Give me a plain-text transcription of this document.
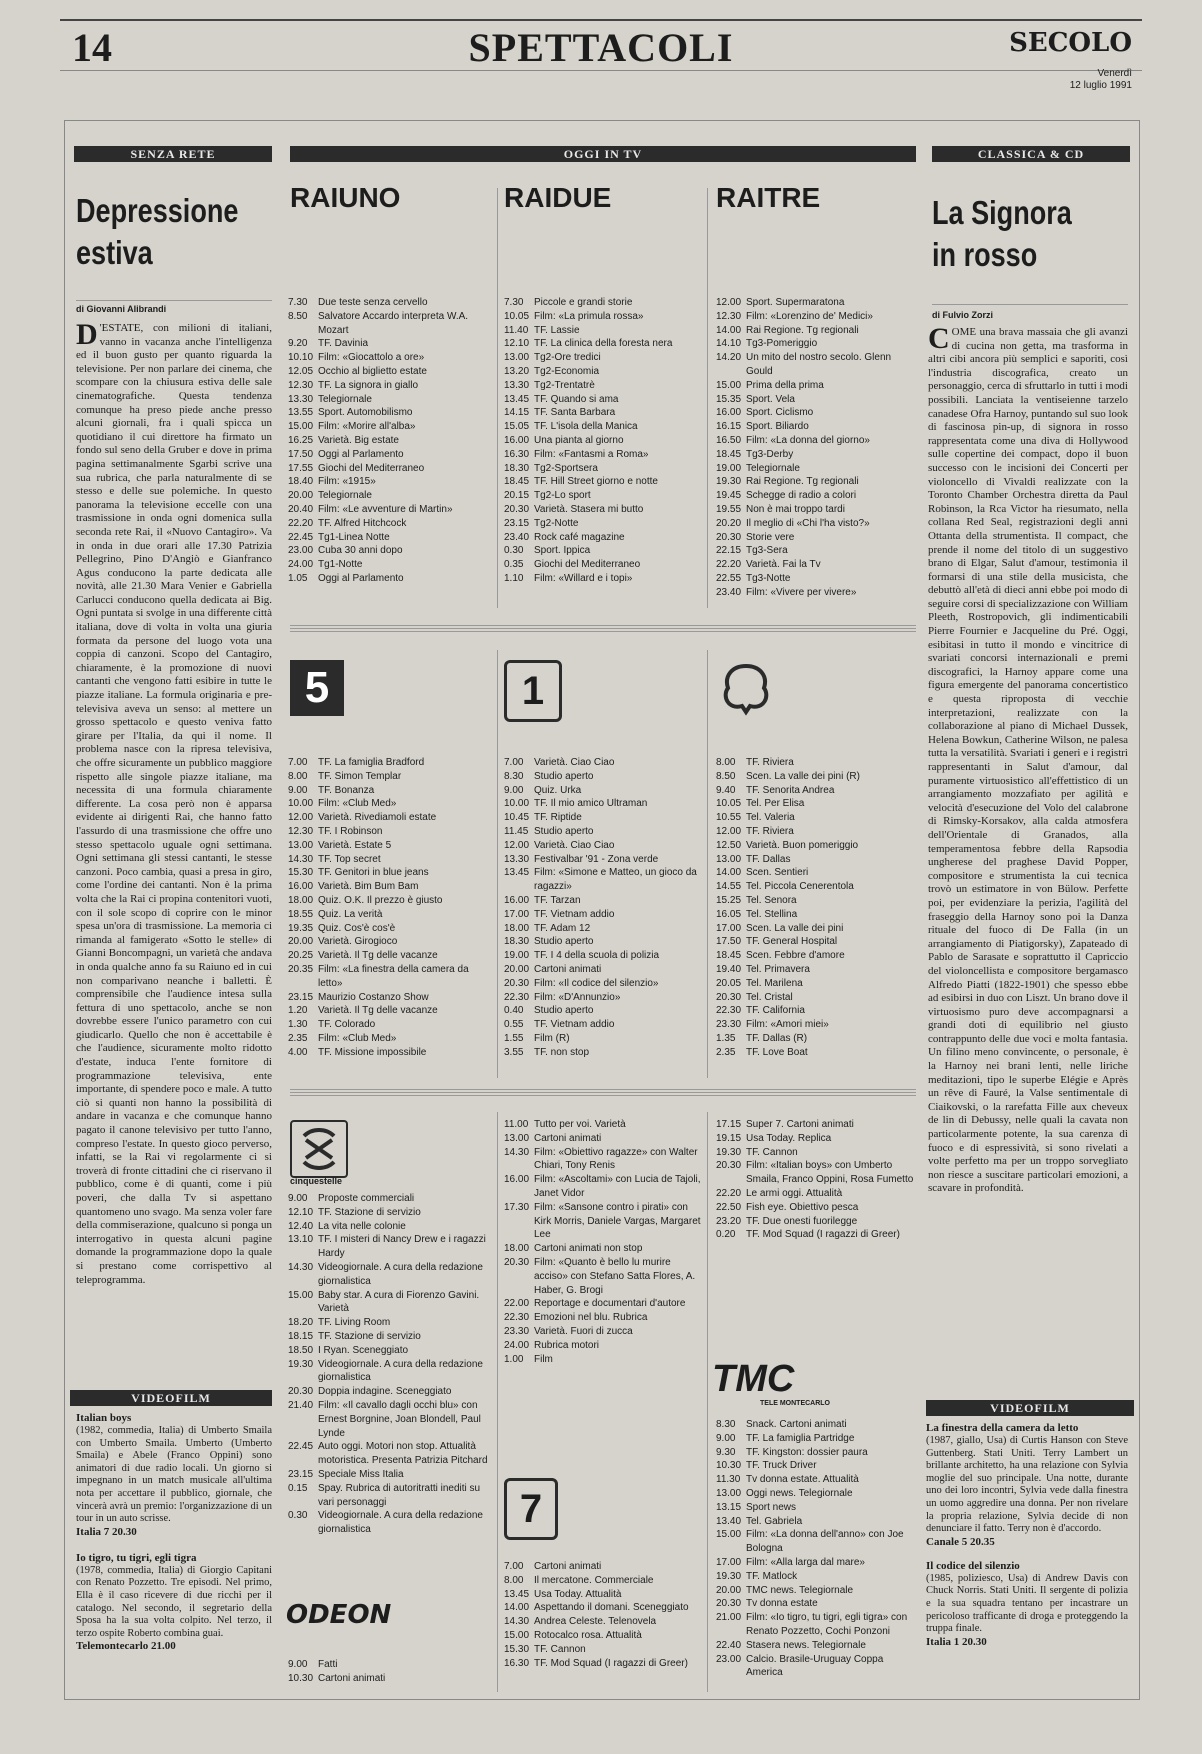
14	SPETTACOLI	SECOLO
Venerdì
12 luglio 1991
SENZA RETE
Depressione
estiva
di Giovanni Alibrandi
D 'ESTATE, con milioni di italiani, vanno in vacanza anche l'intelligenza ed il buon gusto per quanto riguarda la televisione. Per non parlare dei cinema, che scompare con la chiusura estiva delle sale cinematografiche. Questa tendenza comunque ha preso piede anche presso alcuni giornali, fra i quali spicca un quotidiano il cui direttore ha firmato un fondo sul seno della Gruber e dove in prima pagina settimanalmente Sgarbi scrive una sua rubrica, che parla naturalmente di se stesso e delle sue polemiche. In questo panorama la televisione eccelle con una trasmissione in onda ogni domenica sulla seconda rete Rai, il «Nuovo Cantagiro». Va in onda in due orari alle 17.30 Patrizia Pellegrino, Pino D'Angiò e Gianfranco Agus conducono la parte dedicata alle novità, alle 21.30 Mara Venier e Gabriella Carlucci conducono quella dedicata ai Big. Ogni puntata si svolge in una differente città italiana, dove di volta in volta una giuria formata da persone del luogo vota una coppia di canzoni. Scopo del Cantagiro, chiaramente, è la promozione di nuovi cantanti che vengono fatti esibire in tutte le piazze italiane. La formula originaria e pre-televisiva aveva un senso: al mettere un grosso spettacolo e questo veniva fatto girare per l'Italia, da qui il nome. Il problema nasce con la ripresa televisiva, che offre sicuramente un pubblico maggiore rispetto alle singole piazze italiane, ma necessita di una formula chiaramente differente. La cosa però non è apparsa evidente ai dirigenti Rai, che hanno fatto l'assurdo di una trasmissione che offre uno stesso spettacolo uguale ogni settimana. Ogni settimana gli stessi cantanti, le stesse canzoni. Poco cambia, quasi a presa in giro, come l'ordine dei cantanti. Non è la prima volta che la Rai ci propina contenitori vuoti, con il sole scopo di coprire con le minor spesa un'ora di trasmissione. La memoria ci rimanda al famigerato «Sotto le stelle» di Gianni Boncompagni, un varietà che andava in onda qualche anno fa su Raiuno ed in cui non comparivano neanche i balletti. È comprensibile che l'audience intesa sulla fettura di uno spettacolo, anche se non dovrebbe essere l'unico parametro con cui giudicarlo. Quello che non è accettabile è che l'audience, sicuramente molto ridotto d'estate, induca l'ente fornitore di programmazione televisiva, ente importante, di spendere poco e male. A tutto ciò si quanti non hanno la possibilità di andare in vacanza e che comunque hanno pagato il canone televisivo per tutto l'anno, compreso l'estate. In questo gioco perverso, infatti, se la Rai vi regolarmente ci si troverà di fronte cittadini che ci riservano il pubblico, come è di quanti, come i più poveri, che dalla Tv si aspettano quantomeno uno svago. Ma senza voler fare della commiserazione, qualcuno si ponga un interrogativo in questa alcuni pagine domande la programmazione dopo la quale si prestano come corrispettivo al teleprogramma.
VIDEOFILM
Italian boys
(1982, commedia, Italia) di Umberto Smaila con Umberto Smaila. Umberto (Umberto Smaila) e Abele (Franco Oppini) sono animatori di due radio locali. Un giorno si impegnano in un match musicale all'ultima nota per accettare il pubblico, giornale, che vincerà avrà un premio: l'organizzazione di un tour in un auto scrisse.
Italia 7 20.30
Io tigro, tu tigri, egli tigra
(1978, commedia, Italia) di Giorgio Capitani con Renato Pozzetto. Tre episodi. Nel primo, Ella è il caso ricevere di due ricchi per il catalogo. Nel secondo, il segretario della Sposa ha la sua volta colpito. Nel terzo, il terzo ospite Roberto combina guai.
Telemontecarlo 21.00
OGGI IN TV
RAIUNO	RAIDUE	RAITRE
7.30	Due teste senza cervello
8.50	Salvatore Accardo interpreta W.A. Mozart
9.20	TF. Davinia
10.10 Film: «Giocattolo a ore»
12.05 Occhio al biglietto estate
12.30 TF. La signora in giallo
13.30 Telegiornale
13.55 Sport. Automobilismo
15.00 Film: «Morire all'alba»
16.25 Varietà. Big estate
17.50 Oggi al Parlamento
17.55 Giochi del Mediterraneo
18.40 Film: «1915»
20.00 Telegiornale
20.40 Film: «Le avventure di Martin»
22.20 TF. Alfred Hitchcock
22.45 Tg1-Linea Notte
23.00 Cuba 30 anni dopo
24.00 Tg1-Notte
1.05	Oggi al Parlamento
7.30	Piccole e grandi storie
10.05 Film: «La primula rossa»
11.40 TF. Lassie
12.10 TF. La clinica della foresta nera
13.00 Tg2-Ore tredici
13.20 Tg2-Economia
13.30 Tg2-Trentatrè
13.45 TF. Quando si ama
14.15 TF. Santa Barbara
15.05 TF. L'isola della Manica
16.00 Una pianta al giorno
16.30 Film: «Fantasmi a Roma»
18.30 Tg2-Sportsera
18.45 TF. Hill Street giorno e notte
20.15 Tg2-Lo sport
20.30 Varietà. Stasera mi butto
23.15 Tg2-Notte
23.40 Rock café magazine
0.30	Sport. Ippica
0.35	Giochi del Mediterraneo
1.10	Film: «Willard e i topi»
12.00 Sport. Supermaratona
12.30 Film: «Lorenzino de' Medici»
14.00 Rai Regione. Tg regionali
14.10 Tg3-Pomeriggio
14.20 Un mito del nostro secolo. Glenn Gould
15.00 Prima della prima
15.35 Sport. Vela
16.00 Sport. Ciclismo
16.15 Sport. Biliardo
16.50 Film: «La donna del giorno»
18.45 Tg3-Derby
19.00 Telegiornale
19.30 Rai Regione. Tg regionali
19.45 Schegge di radio a colori
19.55 Non è mai troppo tardi
20.20 Il meglio di «Chi l'ha visto?»
20.30 Storie vere
22.15 Tg3-Sera
22.20 Varietà. Fai la Tv
22.55 Tg3-Notte
23.40 Film: «Vivere per vivere»
5	1
7.00	TF. La famiglia Bradford
8.00	TF. Simon Templar
9.00	TF. Bonanza
10.00 Film: «Club Med»
12.00 Varietà. Rivediamoli estate
12.30 TF. I Robinson
13.00 Varietà. Estate 5
14.30 TF. Top secret
15.30 TF. Genitori in blue jeans
16.00 Varietà. Bim Bum Bam
18.00 Quiz. O.K. Il prezzo è giusto
18.55 Quiz. La verità
19.35 Quiz. Cos'è cos'è
20.00 Varietà. Girogioco
20.25 Varietà. Il Tg delle vacanze
20.35 Film: «La finestra della camera da letto»
23.15 Maurizio Costanzo Show
1.20	Varietà. Il Tg delle vacanze
1.30	TF. Colorado
2.35	Film: «Club Med»
4.00	TF. Missione impossibile
7.00	Varietà. Ciao Ciao
8.30	Studio aperto
9.00	Quiz. Urka
10.00 TF. Il mio amico Ultraman
10.45 TF. Riptide
11.45 Studio aperto
12.00 Varietà. Ciao Ciao
13.30 Festivalbar '91 - Zona verde
13.45 Film: «Simone e Matteo, un gioco da ragazzi»
16.00 TF. Tarzan
17.00 TF. Vietnam addio
18.00 TF. Adam 12
18.30 Studio aperto
19.00 TF. I 4 della scuola di polizia
20.00 Cartoni animati
20.30 Film: «Il codice del silenzio»
22.30 Film: «D'Annunzio»
0.40	Studio aperto
0.55	TF. Vietnam addio
1.55	Film (R)
3.55	TF. non stop
8.00	TF. Riviera
8.50	Scen. La valle dei pini (R)
9.40	TF. Senorita Andrea
10.05 Tel. Per Elisa
10.55 Tel. Valeria
12.00 TF. Riviera
12.50 Varietà. Buon pomeriggio
13.00 TF. Dallas
14.00 Scen. Sentieri
14.55 Tel. Piccola Cenerentola
15.25 Tel. Senora
16.05 Tel. Stellina
17.00 Scen. La valle dei pini
17.50 TF. General Hospital
18.45 Scen. Febbre d'amore
19.40 Tel. Primavera
20.05 Tel. Marilena
20.30 Tel. Cristal
22.30 TF. California
23.30 Film: «Amori miei»
1.35	TF. Dallas (R)
2.35	TF. Love Boat
cinquestelle
9.00	Proposte commerciali
12.10 TF. Stazione di servizio
12.40 La vita nelle colonie
13.10 TF. I misteri di Nancy Drew e i ragazzi Hardy
14.30 Videogiornale. A cura della redazione giornalistica
15.00 Baby star. A cura di Fiorenzo Gavini. Varietà
18.20 TF. Living Room
18.15 TF. Stazione di servizio
18.50 I Ryan. Sceneggiato
19.30 Videogiornale. A cura della redazione giornalistica
20.30 Doppia indagine. Sceneggiato
21.40 Film: «Il cavallo dagli occhi blu» con Ernest Borgnine, Joan Blondell, Paul Lynde
22.45 Auto oggi. Motori non stop. Attualità motoristica. Presenta Patrizia Pitchard
23.15 Speciale Miss Italia
0.15	Spay. Rubrica di autoritratti inediti su vari personaggi
0.30	Videogiornale. A cura della redazione giornalistica
ODEON
9.00	Fatti
10.30 Cartoni animati
11.00 Tutto per voi. Varietà
13.00 Cartoni animati
14.30 Film: «Obiettivo ragazze» con Walter Chiari, Tony Renis
16.00 Film: «Ascoltami» con Lucia de Tajoli, Janet Vidor
17.30 Film: «Sansone contro i pirati» con Kirk Morris, Daniele Vargas, Margaret Lee
18.00 Cartoni animati non stop
20.30 Film: «Quanto è bello lu murire acciso» con Stefano Satta Flores, A. Haber, G. Brogi
22.00 Reportage e documentari d'autore
22.30 Emozioni nel blu. Rubrica
23.30 Varietà. Fuori di zucca
24.00 Rubrica motori
1.00	Film
7
7.00	Cartoni animati
8.00	Il mercatone. Commerciale
13.45 Usa Today. Attualità
14.00 Aspettando il domani. Sceneggiato
14.30 Andrea Celeste. Telenovela
15.00 Rotocalco rosa. Attualità
15.30 TF. Cannon
16.30 TF. Mod Squad (I ragazzi di Greer)
17.15 Super 7. Cartoni animati
19.15 Usa Today. Replica
19.30 TF. Cannon
20.30 Film: «Italian boys» con Umberto Smaila, Franco Oppini, Rosa Fumetto
22.20 Le armi oggi. Attualità
22.50 Fish eye. Obiettivo pesca
23.20 TF. Due onesti fuorilegge
0.20	TF. Mod Squad (I ragazzi di Greer)
TMC
TELE MONTECARLO
8.30	Snack. Cartoni animati
9.00	TF. La famiglia Partridge
9.30	TF. Kingston: dossier paura
10.30 TF. Truck Driver
11.30 Tv donna estate. Attualità
13.00 Oggi news. Telegiornale
13.15 Sport news
13.40 Tel. Gabriela
15.00 Film: «La donna dell'anno» con Joe Bologna
17.00 Film: «Alla larga dal mare»
19.30 TF. Matlock
20.00 TMC news. Telegiornale
20.30 Tv donna estate
21.00 Film: «Io tigro, tu tigri, egli tigra» con Renato Pozzetto, Cochi Ponzoni
22.40 Stasera news. Telegiornale
23.00 Calcio. Brasile-Uruguay Coppa America
CLASSICA & CD
La Signora
in rosso
di Fulvio Zorzi
COME una brava massaia che gli avanzi di cucina non getta, ma trasforma in altri cibi ancora più semplici e saporiti, così l'industria discografica, creato un personaggio, cerca di sfruttarlo in tutti i modi possibili. Lanciata la ventiseienne tarzelo canadese Ofra Harnoy, puntando sul suo look di fascinosa pin-up, di signora in rosso rappresentata come una diva di Hollywood sulle copertine dei compact, dopo il buon successo con le incisioni dei Concerti per violoncello di Vivaldi realizzate con la Toronto Chamber Orchestra diretta da Paul Robinson, la Rca Victor ha riesumato, nella collana Red Seal, registrazioni degli anni Ottanta della strumentista. Il compact, che prende il nome del titolo di un suggestivo brano di Elgar, Salut d'amour, testimonia il formarsi di una stile della musicista, che debuttò all'età di dieci anni ebbe poi modo di seguire corsi di specializzazione con William Pleeth, Rostropovich, gli indimenticabili Pierre Fournier e Jacqueline du Pré. Oggi, esibitasi in tutto il mondo e vincitrice di svariati concorsi internazionali e premi discografici, la Harnoy appare come una figura emergente del panorama concertistico e questa riproposta di vecchie interpretazioni, realizzate con la collaborazione al piano di Michael Dussek, Helena Bowkun, Catherine Wilson, ne palesa tutta la versatilità. Svariati i generi e i registri rappresentanti in Salut d'amour, dal puramente virtuosistico all'effettistico di un arrangiamento mozzafiato per agilità e velocità d'esecuzione del Volo del calabrone di Rimsky-Korsakov, alla calda atmosfera dell'Orientale di Granados, alla temperamentosa febbre della Rapsodia ungherese del praghese David Popper, compositore e strumentista la cui tecnica trovò un estimatore in von Bülow. Perfette poi, per evidenziare la perizia, l'agilità del fraseggio della Harnoy sono poi la Danza rituale del fuoco di De Falla (in un arrangiamento di Piatigorsky), Zapateado di Pablo de Sarasate e soprattutto il Capriccio del violoncellista e compositore bergamasco Alfredo Piatti (1822-1901) che spesso ebbe ad esibirsi in duo con Liszt. Un brano dove il virtuosismo puro deve accompagnarsi a grandi doti di equilibrio nel giusto contrappunto delle due voci e molta fantasia. Un filino meno convincente, o personale, è la Harnoy nei brani lenti, nelle liriche meditazioni, tipo le superbe Elégie e Après un rêve di Fauré, la Valse sentimentale di Ciaikovski, o la rarefatta Fille aux cheveux de lin di Debussy, nelle quali la cavata non particolarmente potente, la sua carenza di fuoco e di espressività, si sono rivelati a volte perfetto ma per un troppo sorvegliato non riesce a suscitare particolari emozioni, a scavare in profondità.
VIDEOFILM
La finestra della camera da letto
(1987, giallo, Usa) di Curtis Hanson con Steve Guttenberg. Stati Uniti. Terry Lambert un brillante architetto, ha una relazione con Sylvia moglie del suo principale. Una notte, durante uno dei loro incontri, Sylvia vede dalla finestra un uomo aggredire una donna. Per non rivelare la propria relazione, Sylvia decide di non denunciare il fatto. Terry non è d'accordo.
Canale 5 20.35
Il codice del silenzio
(1985, poliziesco, Usa) di Andrew Davis con Chuck Norris. Stati Uniti. Il sergente di polizia e la sua squadra tentano per incastrare un pericoloso trafficante di droga e proteggendo la truppa finale.
Italia 1 20.30
